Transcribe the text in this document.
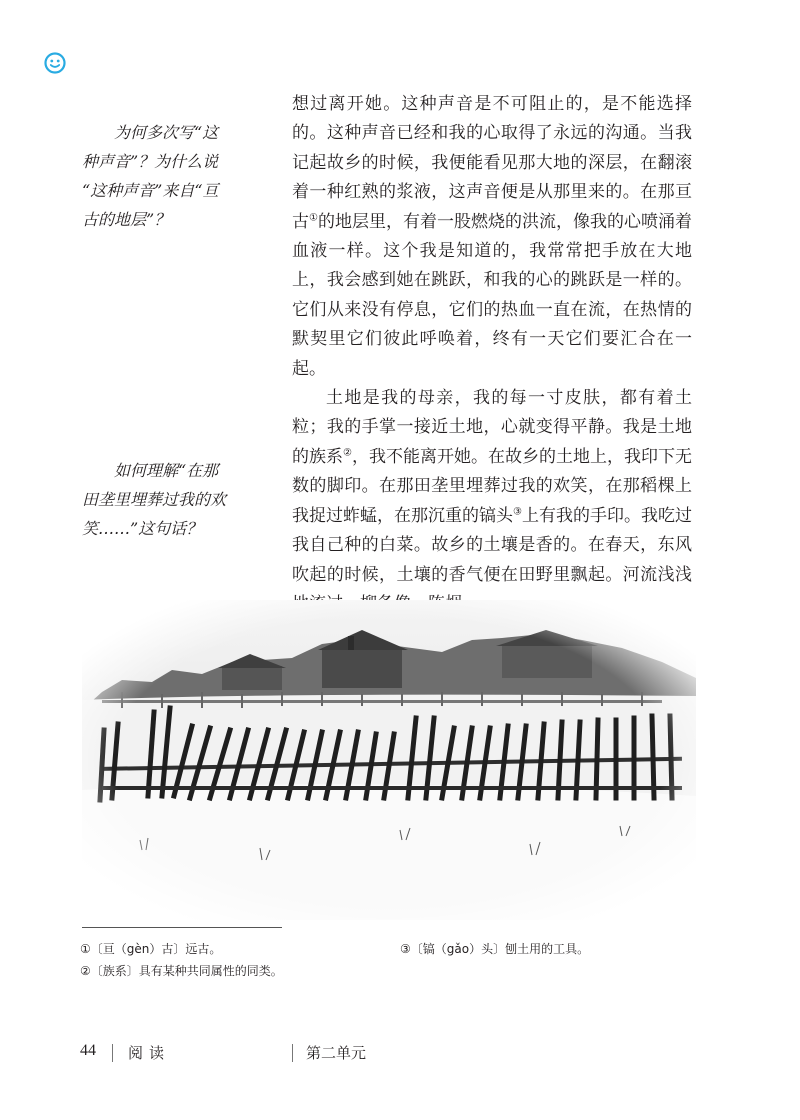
为何多次写“这
种声音”？为什么说
“这种声音”来自“亘
古的地层”？
如何理解“在那
田垄里埋葬过我的欢
笑……”这句话？

想过离开她。这种声音是不可阻止的，是不能选择的。这种声音已经和我的心取得了永远的沟通。当我记起故乡的时候，我便能看见那大地的深层，在翻滚着一种红熟的浆液，这声音便是从那里来的。在那亘古①的地层里，有着一股燃烧的洪流，像我的心喷涌着血液一样。这个我是知道的，我常常把手放在大地上，我会感到她在跳跃，和我的心的跳跃是一样的。它们从来没有停息，它们的热血一直在流，在热情的默契里它们彼此呼唤着，终有一天它们要汇合在一起。

土地是我的母亲，我的每一寸皮肤，都有着土粒；我的手掌一接近土地，心就变得平静。我是土地的族系②，我不能离开她。在故乡的土地上，我印下无数的脚印。在那田垄里埋葬过我的欢笑，在那稻棵上我捉过蚱蜢，在那沉重的镐头③上有我的手印。我吃过我自己种的白菜。故乡的土壤是香的。在春天，东风吹起的时候，土壤的香气便在田野里飘起。河流浅浅

①〔亘（gèn）古〕远古。
②〔族系〕具有某种共同属性的同类。
③〔镐（gǎo）头〕刨土用的工具。
44 阅读	第二单元
